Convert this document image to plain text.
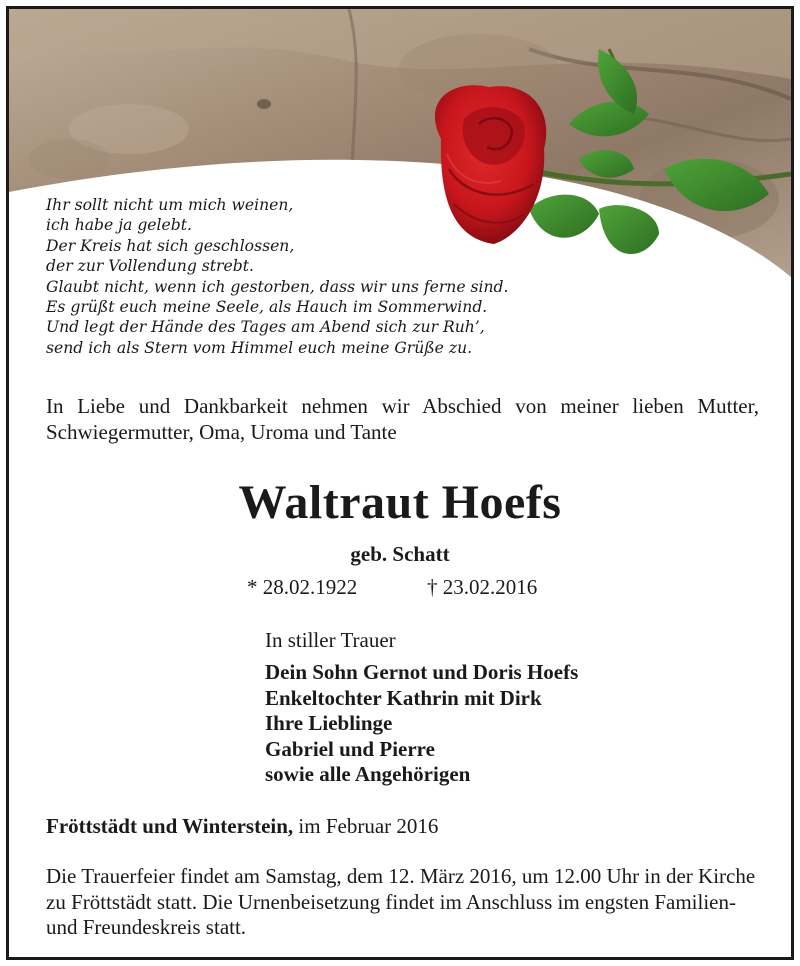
Ihr sollt nicht um mich weinen,
ich habe ja gelebt.
Der Kreis hat sich geschlossen,
der zur Vollendung strebt.
Glaubt nicht, wenn ich gestorben, dass wir uns ferne sind.
Es grüßt euch meine Seele, als Hauch im Sommerwind.
Und legt der Hände des Tages am Abend sich zur Ruh’,
send ich als Stern vom Himmel euch meine Grüße zu.

In Liebe und Dankbarkeit nehmen wir Abschied von meiner lieben Mutter, Schwiegermutter, Oma, Uroma und Tante

Waltraut Hoefs
geb. Schatt
* 28.02.1922	† 23.02.2016
In stiller Trauer
Dein Sohn Gernot und Doris Hoefs
Enkeltochter Kathrin mit Dirk
Ihre Lieblinge
Gabriel und Pierre
sowie alle Angehörigen
Fröttstädt und Winterstein, im Februar 2016

Die Trauerfeier findet am Samstag, dem 12. März 2016, um 12.00 Uhr in der Kirche zu Fröttstädt statt. Die Urnenbeisetzung findet im Anschluss im engsten Familien- und Freundeskreis statt.
